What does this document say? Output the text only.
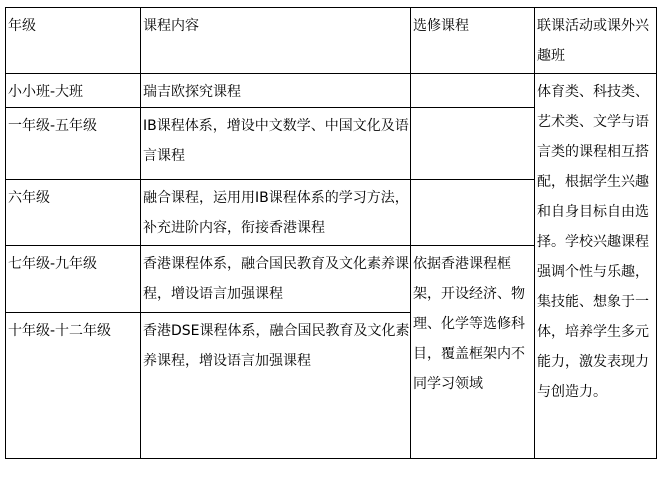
年级	课程内容	选修课程	联课活动或课外兴趣班
小小班-大班	瑞吉欧探究课程		体育类、科技类、艺术类、文学与语言类的课程相互搭配，根据学生兴趣和自身目标自由选择。学校兴趣课程强调个性与乐趣，集技能、想象于一体，培养学生多元能力，激发表现力与创造力。
一年级-五年级	IB课程体系，增设中文数学、中国文化及语言课程		
六年级	融合课程，运用用IB课程体系的学习方法，补充进阶内容，衔接香港课程		
七年级-九年级	香港课程体系，融合国民教育及文化素养课程，增设语言加强课程	依据香港课程框架，开设经济、物理、化学等选修科目，覆盖框架内不同学习领域	
十年级-十二年级	香港DSE课程体系，融合国民教育及文化素养课程，增设语言加强课程		
